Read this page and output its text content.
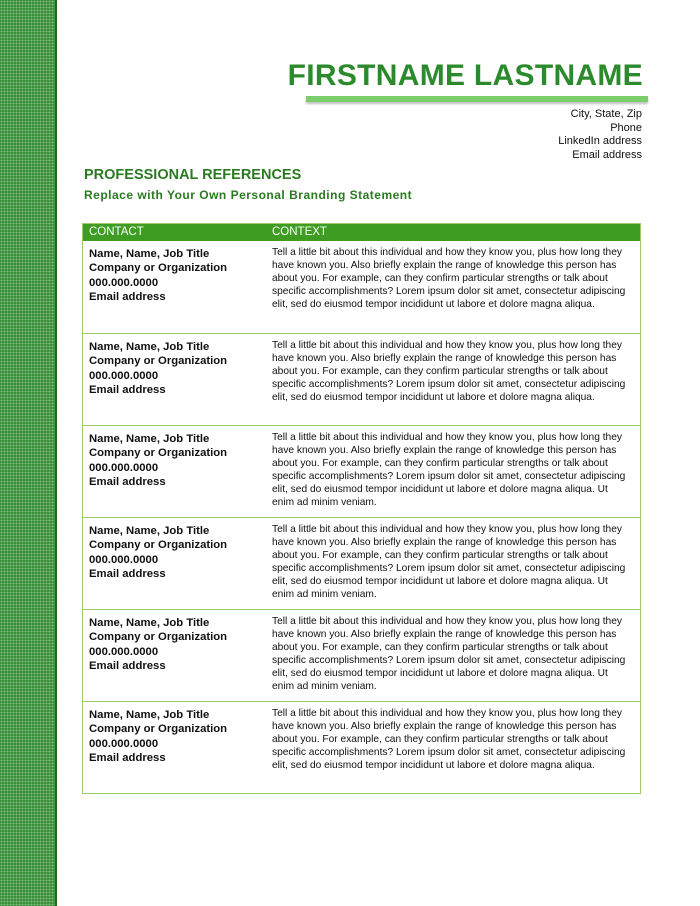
FIRSTNAME LASTNAME
City, State, Zip
Phone
LinkedIn address
Email address
PROFESSIONAL REFERENCES
Replace with Your Own Personal Branding Statement
CONTACT	CONTEXT
Name, Name, Job Title
Company or Organization
000.000.0000
Email address
Tell a little bit about this individual and how they know you, plus how long they have known you. Also briefly explain the range of knowledge this person has about you. For example, can they confirm particular strengths or talk about specific accomplishments? Lorem ipsum dolor sit amet, consectetur adipiscing elit, sed do eiusmod tempor incididunt ut labore et dolore magna aliqua.
Name, Name, Job Title
Company or Organization
000.000.0000
Email address
Tell a little bit about this individual and how they know you, plus how long they have known you. Also briefly explain the range of knowledge this person has about you. For example, can they confirm particular strengths or talk about specific accomplishments? Lorem ipsum dolor sit amet, consectetur adipiscing elit, sed do eiusmod tempor incididunt ut labore et dolore magna aliqua.
Name, Name, Job Title
Company or Organization
000.000.0000
Email address
Tell a little bit about this individual and how they know you, plus how long they have known you. Also briefly explain the range of knowledge this person has about you. For example, can they confirm particular strengths or talk about specific accomplishments? Lorem ipsum dolor sit amet, consectetur adipiscing elit, sed do eiusmod tempor incididunt ut labore et dolore magna aliqua. Ut enim ad minim veniam.
Name, Name, Job Title
Company or Organization
000.000.0000
Email address
Tell a little bit about this individual and how they know you, plus how long they have known you. Also briefly explain the range of knowledge this person has about you. For example, can they confirm particular strengths or talk about specific accomplishments? Lorem ipsum dolor sit amet, consectetur adipiscing elit, sed do eiusmod tempor incididunt ut labore et dolore magna aliqua. Ut enim ad minim veniam.
Name, Name, Job Title
Company or Organization
000.000.0000
Email address
Tell a little bit about this individual and how they know you, plus how long they have known you. Also briefly explain the range of knowledge this person has about you. For example, can they confirm particular strengths or talk about specific accomplishments? Lorem ipsum dolor sit amet, consectetur adipiscing elit, sed do eiusmod tempor incididunt ut labore et dolore magna aliqua. Ut enim ad minim veniam.
Name, Name, Job Title
Company or Organization
000.000.0000
Email address
Tell a little bit about this individual and how they know you, plus how long they have known you. Also briefly explain the range of knowledge this person has about you. For example, can they confirm particular strengths or talk about specific accomplishments? Lorem ipsum dolor sit amet, consectetur adipiscing elit, sed do eiusmod tempor incididunt ut labore et dolore magna aliqua.
